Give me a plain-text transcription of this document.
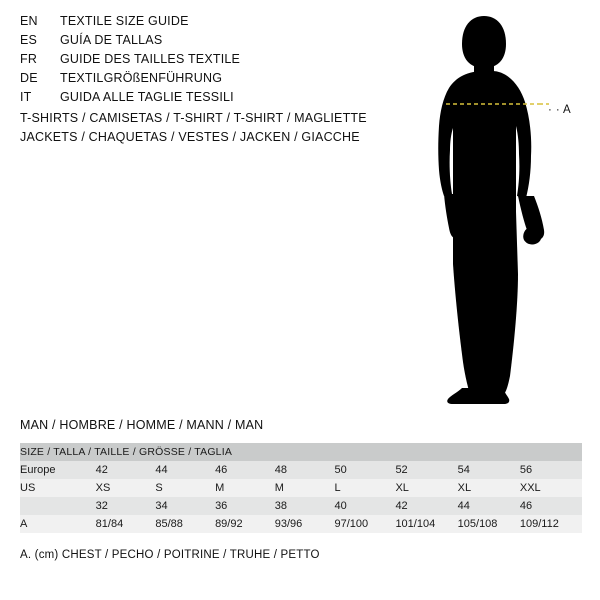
EN	TEXTILE SIZE GUIDE
ES	GUÍA DE TALLAS
FR	GUIDE DES TAILLES TEXTILE
DE	TEXTILGRÖßENFÜHRUNG
IT	GUIDA ALLE TAGLIE TESSILI
T-SHIRTS / CAMISETAS / T-SHIRT / T-SHIRT / MAGLIETTE
JACKETS / CHAQUETAS / VESTES / JACKEN / GIACCHE
· · A
MAN / HOMBRE / HOMME / MANN / MAN
SIZE / TALLA / TAILLE / GRÖSSE / TAGLIA								
Europe	42	44	46	48	50	52	54	56
US	XS	S	M	M	L	XL	XL	XXL
	32	34	36	38	40	42	44	46
A	81/84	85/88	89/92	93/96	97/100	101/104	105/108	109/112
A. (cm) CHEST / PECHO / POITRINE / TRUHE / PETTO
